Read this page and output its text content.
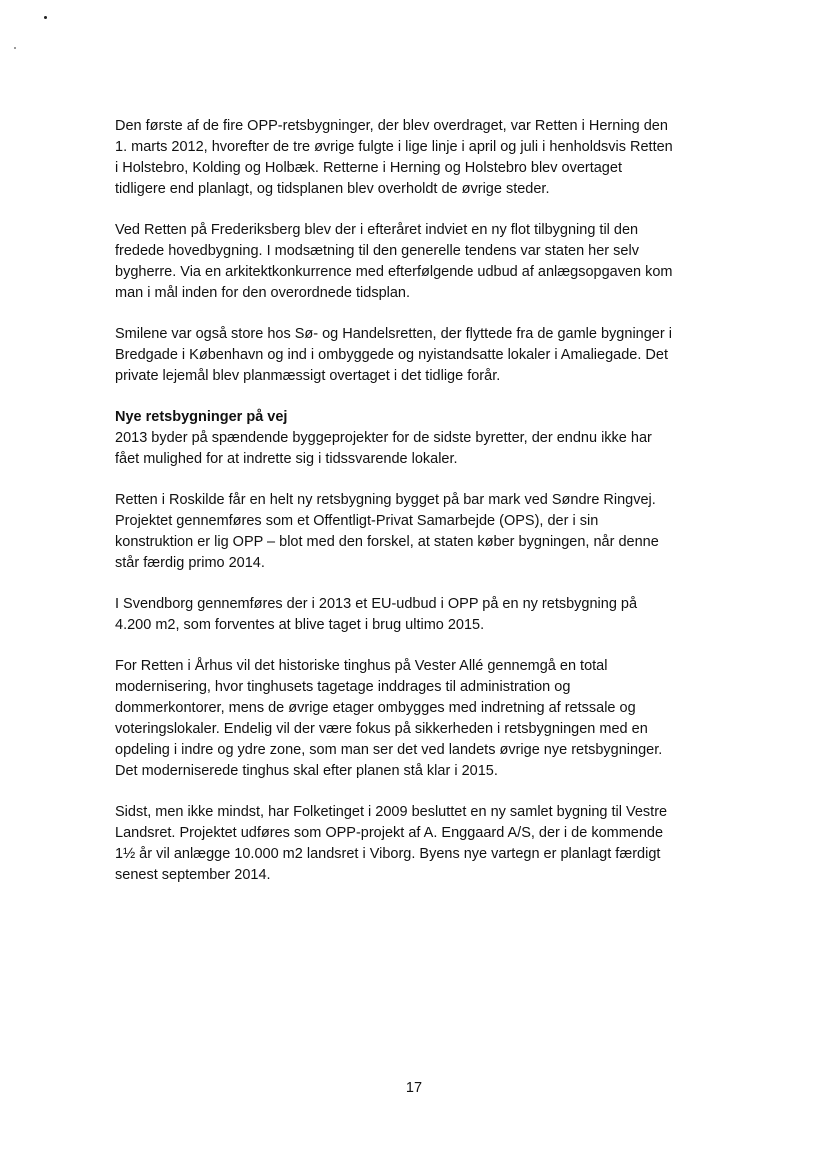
Den første af de fire OPP-retsbygninger, der blev overdraget, var Retten i Herning den
1. marts 2012, hvorefter de tre øvrige fulgte i lige linje i april og juli i henholdsvis Retten
i Holstebro, Kolding og Holbæk. Retterne i Herning og Holstebro blev overtaget
tidligere end planlagt, og tidsplanen blev overholdt de øvrige steder.
Ved Retten på Frederiksberg blev der i efteråret indviet en ny flot tilbygning til den
fredede hovedbygning. I modsætning til den generelle tendens var staten her selv
bygherre. Via en arkitektkonkurrence med efterfølgende udbud af anlægsopgaven kom
man i mål inden for den overordnede tidsplan.
Smilene var også store hos Sø- og Handelsretten, der flyttede fra de gamle bygninger i
Bredgade i København og ind i ombyggede og nyistandsatte lokaler i Amaliegade. Det
private lejemål blev planmæssigt overtaget i det tidlige forår.
Nye retsbygninger på vej
2013 byder på spændende byggeprojekter for de sidste byretter, der endnu ikke har
fået mulighed for at indrette sig i tidssvarende lokaler.
Retten i Roskilde får en helt ny retsbygning bygget på bar mark ved Søndre Ringvej.
Projektet gennemføres som et Offentligt-Privat Samarbejde (OPS), der i sin
konstruktion er lig OPP – blot med den forskel, at staten køber bygningen, når denne
står færdig primo 2014.
I Svendborg gennemføres der i 2013 et EU-udbud i OPP på en ny retsbygning på
4.200 m2, som forventes at blive taget i brug ultimo 2015.
For Retten i Århus vil det historiske tinghus på Vester Allé gennemgå en total
modernisering, hvor tinghusets tagetage inddrages til administration og
dommerkontorer, mens de øvrige etager ombygges med indretning af retssale og
voteringslokaler. Endelig vil der være fokus på sikkerheden i retsbygningen med en
opdeling i indre og ydre zone, som man ser det ved landets øvrige nye retsbygninger.
Det moderniserede tinghus skal efter planen stå klar i 2015.
Sidst, men ikke mindst, har Folketinget i 2009 besluttet en ny samlet bygning til Vestre
Landsret. Projektet udføres som OPP-projekt af A. Enggaard A/S, der i de kommende
1½ år vil anlægge 10.000 m2 landsret i Viborg. Byens nye vartegn er planlagt færdigt
senest september 2014.
17
